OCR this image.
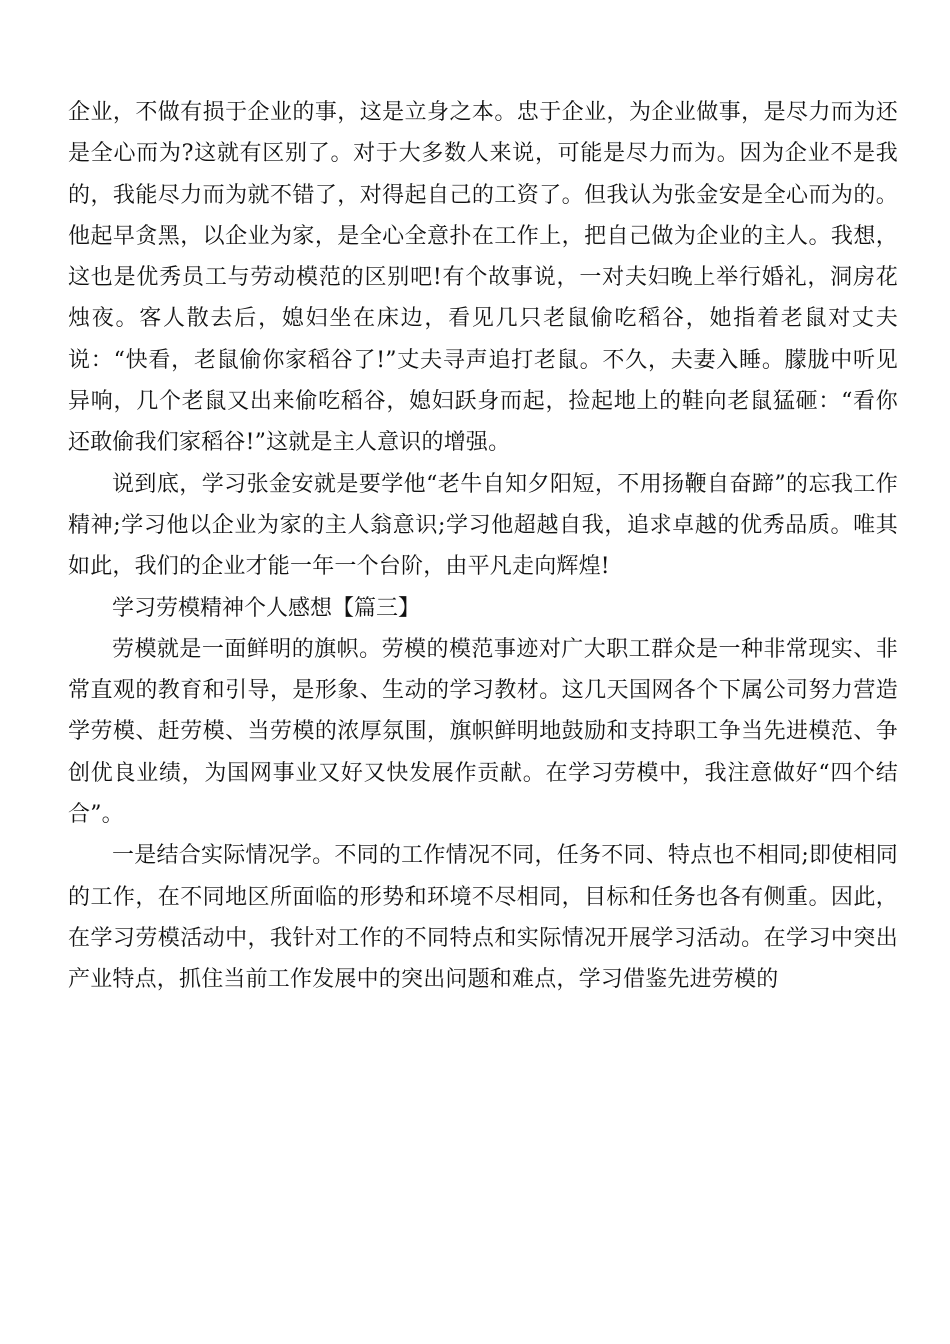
企业，不做有损于企业的事，这是立身之本。忠于企业，为企业做事，是尽力而为还是全心而为?这就有区别了。对于大多数人来说，可能是尽力而为。因为企业不是我的，我能尽力而为就不错了，对得起自己的工资了。但我认为张金安是全心而为的。他起早贪黑，以企业为家，是全心全意扑在工作上，把自己做为企业的主人。我想，这也是优秀员工与劳动模范的区别吧!有个故事说，一对夫妇晚上举行婚礼，洞房花烛夜。客人散去后，媳妇坐在床边，看见几只老鼠偷吃稻谷，她指着老鼠对丈夫说：“快看，老鼠偷你家稻谷了!”丈夫寻声追打老鼠。不久，夫妻入睡。朦胧中听见异响，几个老鼠又出来偷吃稻谷，媳妇跃身而起，捡起地上的鞋向老鼠猛砸：“看你还敢偷我们家稻谷!”这就是主人意识的增强。

说到底，学习张金安就是要学他“老牛自知夕阳短，不用扬鞭自奋蹄”的忘我工作精神;学习他以企业为家的主人翁意识;学习他超越自我，追求卓越的优秀品质。唯其如此，我们的企业才能一年一个台阶，由平凡走向辉煌!

学习劳模精神个人感想【篇三】

劳模就是一面鲜明的旗帜。劳模的模范事迹对广大职工群众是一种非常现实、非常直观的教育和引导，是形象、生动的学习教材。这几天国网各个下属公司努力营造学劳模、赶劳模、当劳模的浓厚氛围，旗帜鲜明地鼓励和支持职工争当先进模范、争创优良业绩，为国网事业又好又快发展作贡献。在学习劳模中，我注意做好“四个结合”。

一是结合实际情况学。不同的工作情况不同，任务不同、特点也不相同;即使相同的工作，在不同地区所面临的形势和环境不尽相同，目标和任务也各有侧重。因此，在学习劳模活动中，我针对工作的不同特点和实际情况开展学习活动。在学习中突出产业特点，抓住当前工作发展中的突出问题和难点，学习借鉴先进劳模的
